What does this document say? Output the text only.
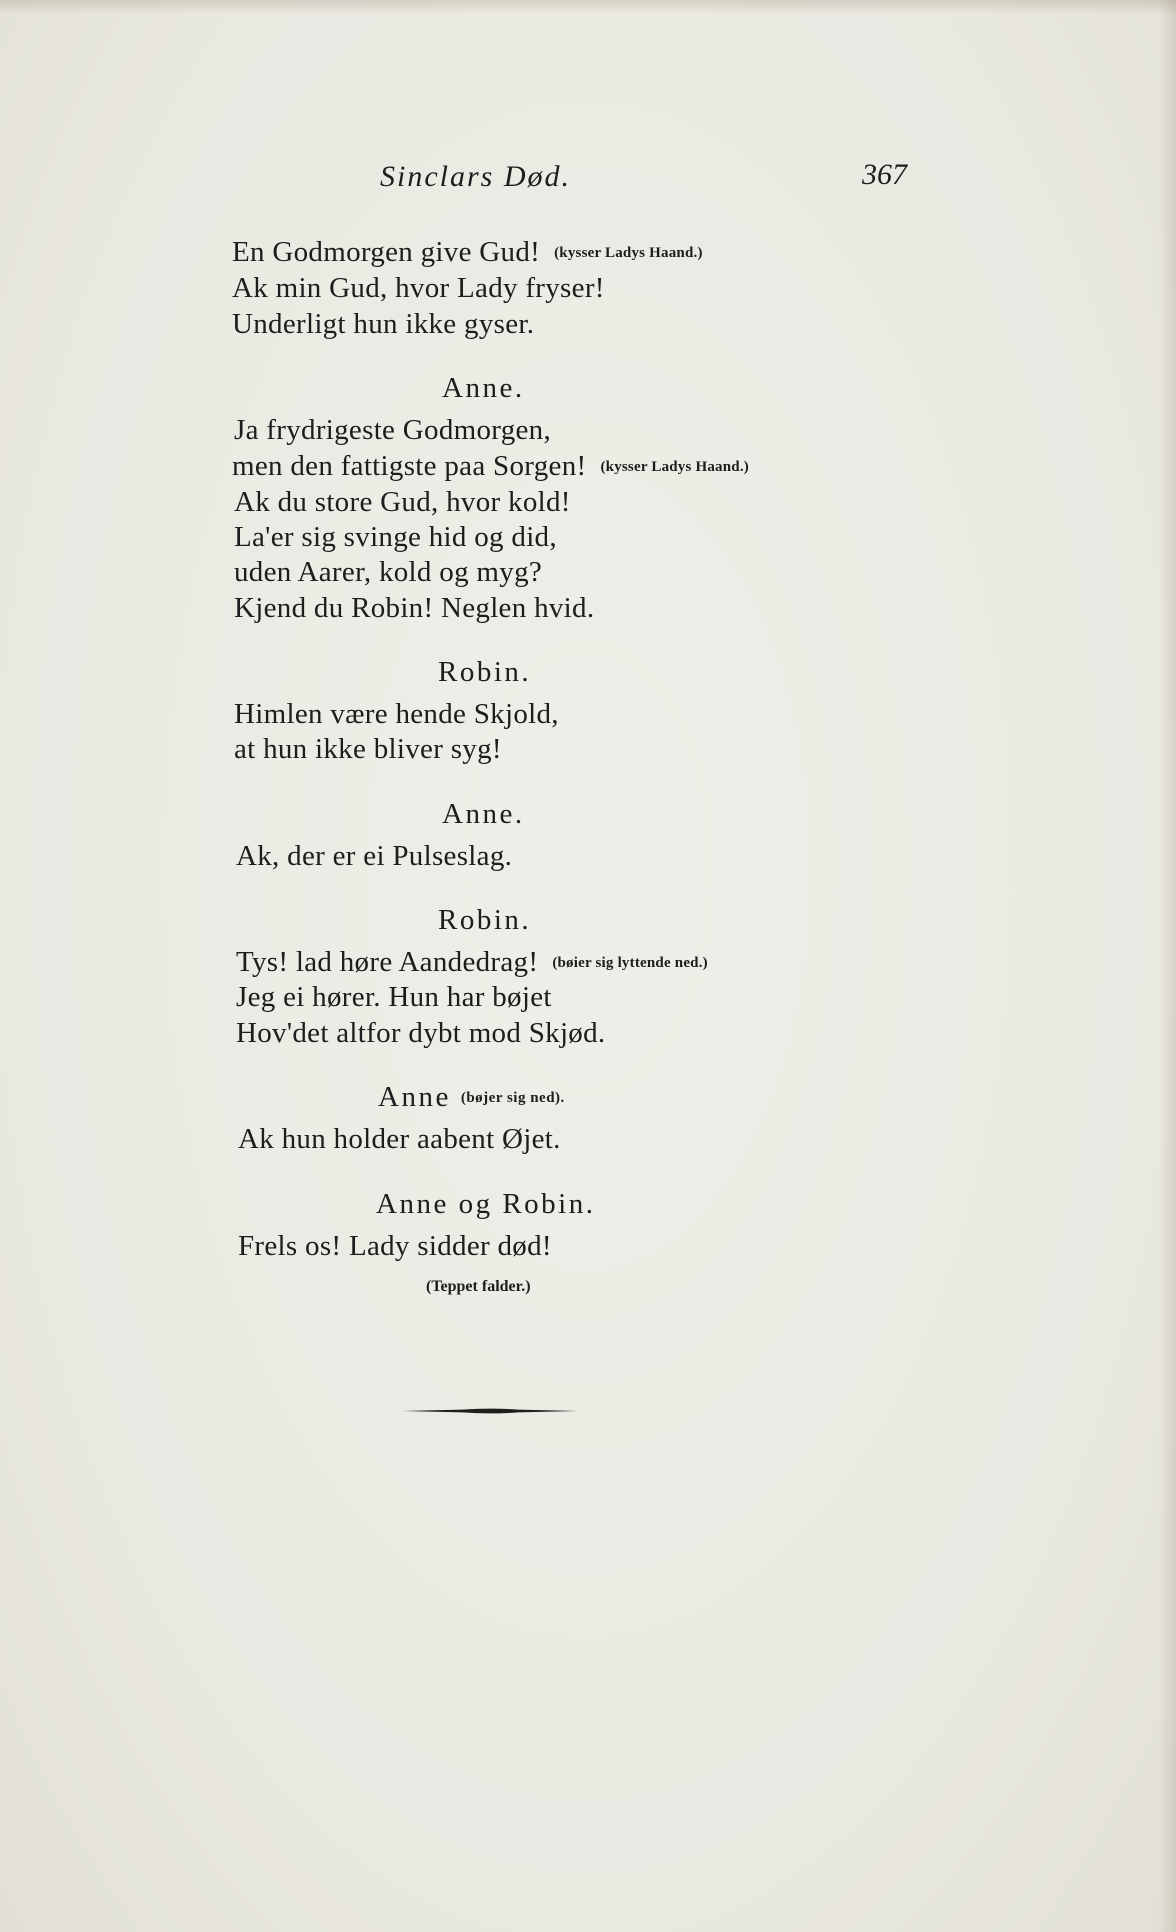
Sinclars Død.	367
En Godmorgen give Gud! (kysser Ladys Haand.)
Ak min Gud, hvor Lady fryser!
Underligt hun ikke gyser.
Anne.
Ja frydrigeste Godmorgen,
men den fattigste paa Sorgen! (kysser Ladys Haand.)
Ak du store Gud, hvor kold!
La'er sig svinge hid og did,
uden Aarer, kold og myg?
Kjend du Robin! Neglen hvid.
Robin.
Himlen være hende Skjold,
at hun ikke bliver syg!
Anne.
Ak, der er ei Pulseslag.
Robin.
Tys! lad høre Aandedrag! (bøier sig lyttende ned.)
Jeg ei hører. Hun har bøjet
Hov'det altfor dybt mod Skjød.
Anne (bøjer sig ned).
Ak hun holder aabent Øjet.
Anne og Robin.
Frels os! Lady sidder død!
(Teppet falder.)
